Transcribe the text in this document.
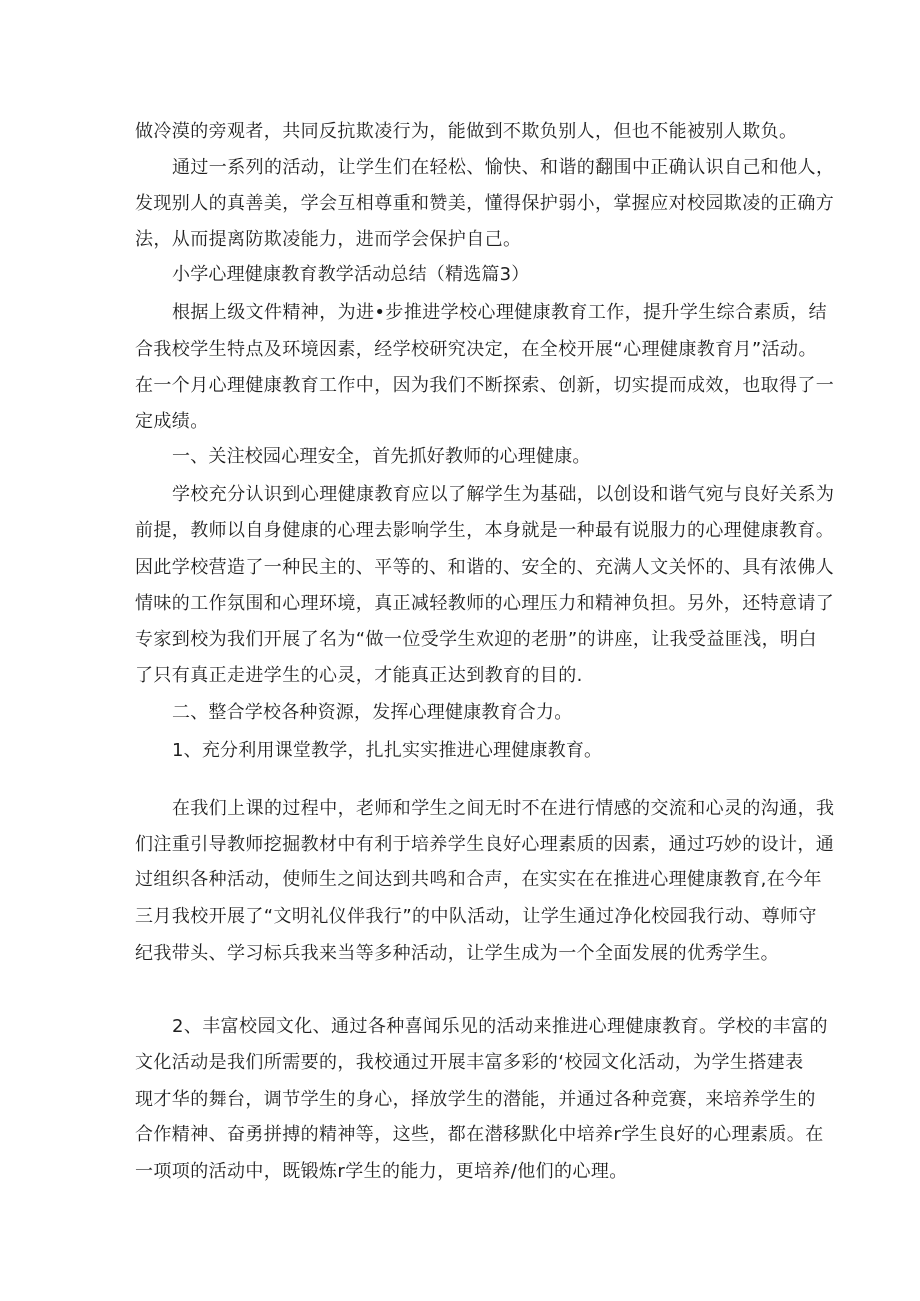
做冷漠的旁观者，共同反抗欺凌行为，能做到不欺负别人，但也不能被别人欺负。
通过一系列的活动，让学生们在轻松、愉快、和谐的翻围中正确认识自己和他人，
发现别人的真善美，学会互相尊重和赞美，懂得保护弱小，掌握应对校园欺凌的正确方
法，从而提离防欺凌能力，进而学会保护自己。
小学心理健康教育教学活动总结（精选篇3）
根据上级文件精神，为进•步推进学校心理健康教育工作，提升学生综合素质，结
合我校学生特点及环境因素，经学校研究决定，在全校开展“心理健康教育月”活动。
在一个月心理健康教育工作中，因为我们不断探索、创新，切实提而成效，也取得了一
定成绩。
一、关注校园心理安全，首先抓好教师的心理健康。
学校充分认识到心理健康教育应以了解学生为基础，以创设和谐气宛与良好关系为
前提，教师以自身健康的心理去影响学生，本身就是一种最有说服力的心理健康教育。
因此学校营造了一种民主的、平等的、和谐的、安全的、充满人文关怀的、具有浓佛人
情味的工作氛围和心理环境，真正减轻教师的心理压力和精神负担。另外，还特意请了
专家到校为我们开展了名为“做一位受学生欢迎的老册”的讲座，让我受益匪浅，明白
了只有真正走进学生的心灵，才能真正达到教育的目的.
二、整合学校各种资源，发挥心理健康教育合力。
1、充分利用课堂教学，扎扎实实推进心理健康教育。
在我们上课的过程中，老师和学生之间无时不在进行情感的交流和心灵的沟通，我
们注重引导教师挖掘教材中有利于培养学生良好心理素质的因素，通过巧妙的设计，通
过组织各种活动，使师生之间达到共鸣和合声，在实实在在推进心理健康教育,在今年
三月我校开展了“文明礼仪伴我行”的中队活动，让学生通过净化校园我行动、尊师守
纪我带头、学习标兵我来当等多种活动，让学生成为一个全面发展的优秀学生。
2、丰富校园文化、通过各种喜闻乐见的活动来推进心理健康教育。学校的丰富的
文化活动是我们所需要的，我校通过开展丰富多彩的‘校园文化活动，为学生搭建表
现才华的舞台，调节学生的身心，择放学生的潜能，并通过各种竞赛，来培养学生的
合作精神、奋勇拼搏的精神等，这些，都在潜移默化中培养r学生良好的心理素质。在
一项项的活动中，既锻炼r学生的能力，更培养/他们的心理。
